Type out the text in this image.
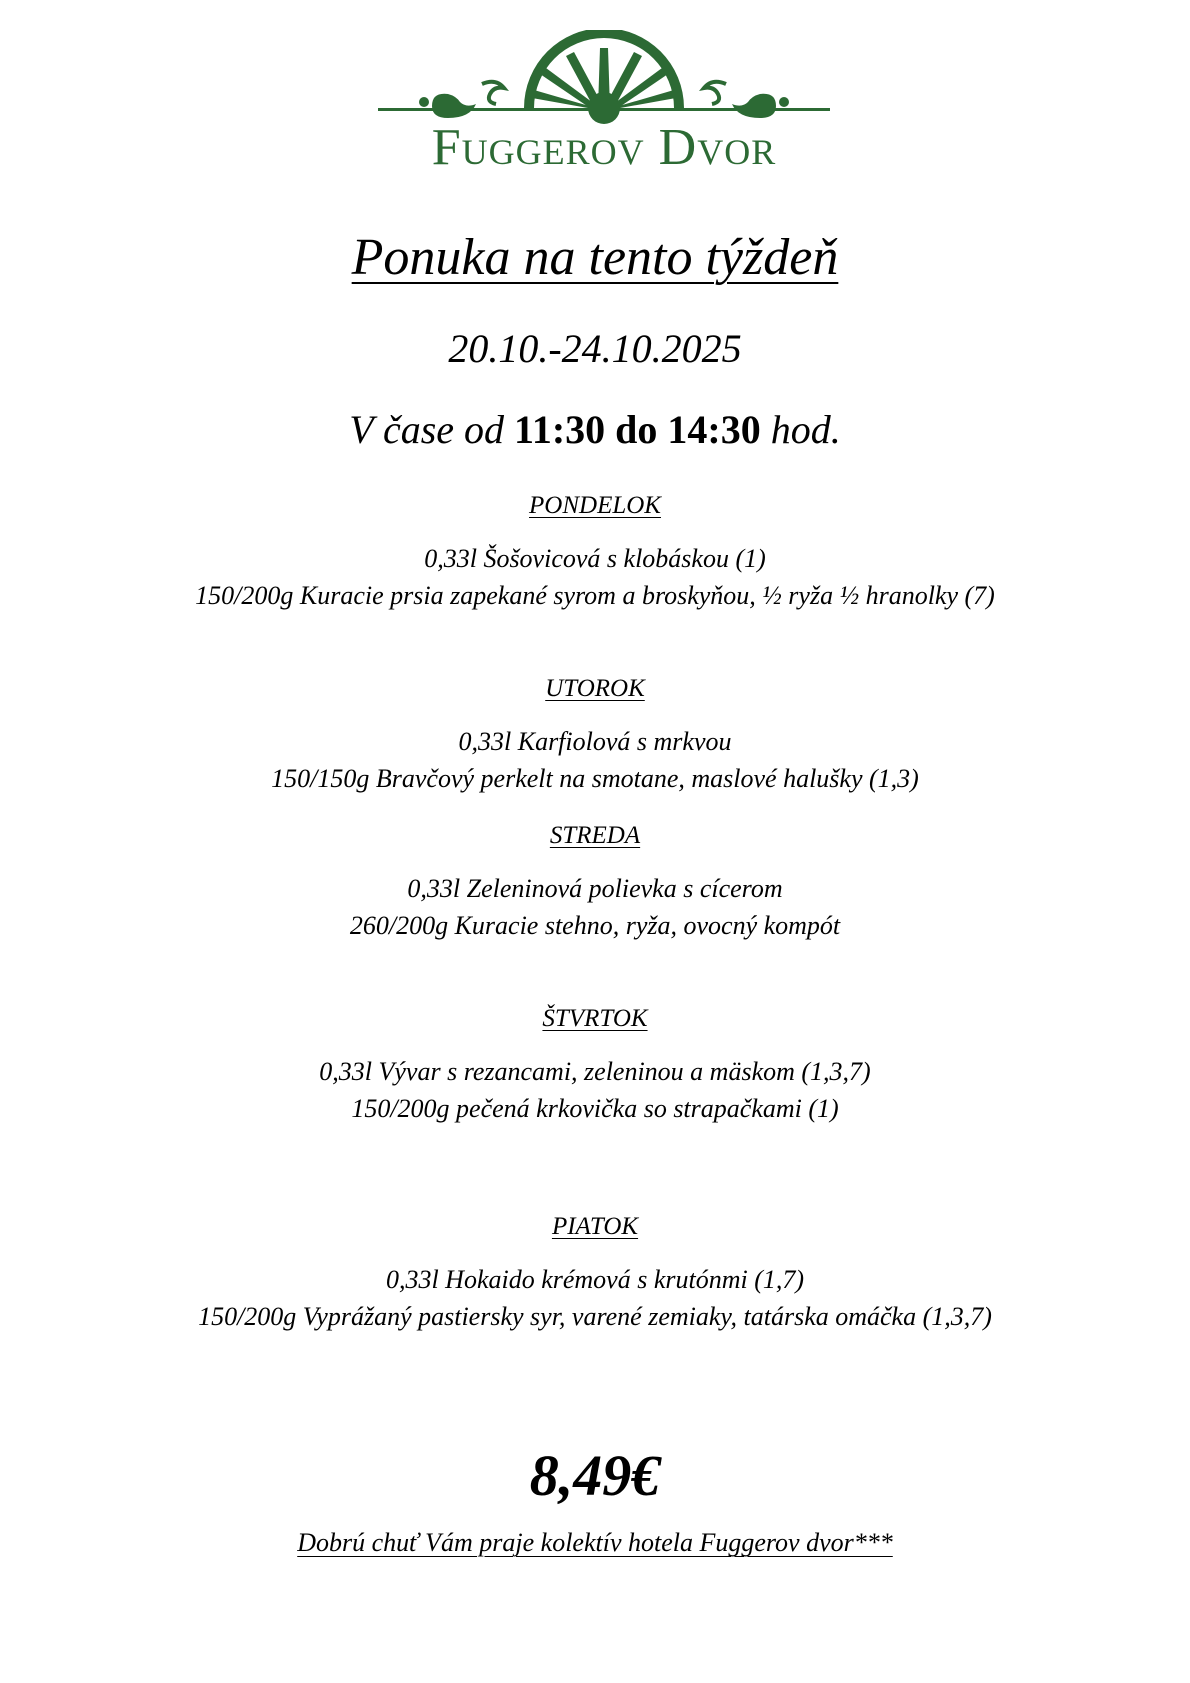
Fuggerov Dvor
Ponuka na tento týždeň
20.10.-24.10.2025
V čase od 11:30 do 14:30 hod.
PONDELOK
0,33l Šošovicová s klobáskou (1)
150/200g Kuracie prsia zapekané syrom a broskyňou, ½ ryža ½ hranolky (7)
UTOROK
0,33l Karfiolová s mrkvou
150/150g Bravčový perkelt na smotane, maslové halušky (1,3)
STREDA
0,33l Zeleninová polievka s cícerom
260/200g Kuracie stehno, ryža, ovocný kompót
ŠTVRTOK
0,33l Vývar s rezancami, zeleninou a mäskom (1,3,7)
150/200g pečená krkovička so strapačkami (1)
PIATOK
0,33l Hokaido krémová s krutónmi (1,7)
150/200g Vyprážaný pastiersky syr, varené zemiaky, tatárska omáčka (1,3,7)
8,49€
Dobrú chuť Vám praje kolektív hotela Fuggerov dvor***
